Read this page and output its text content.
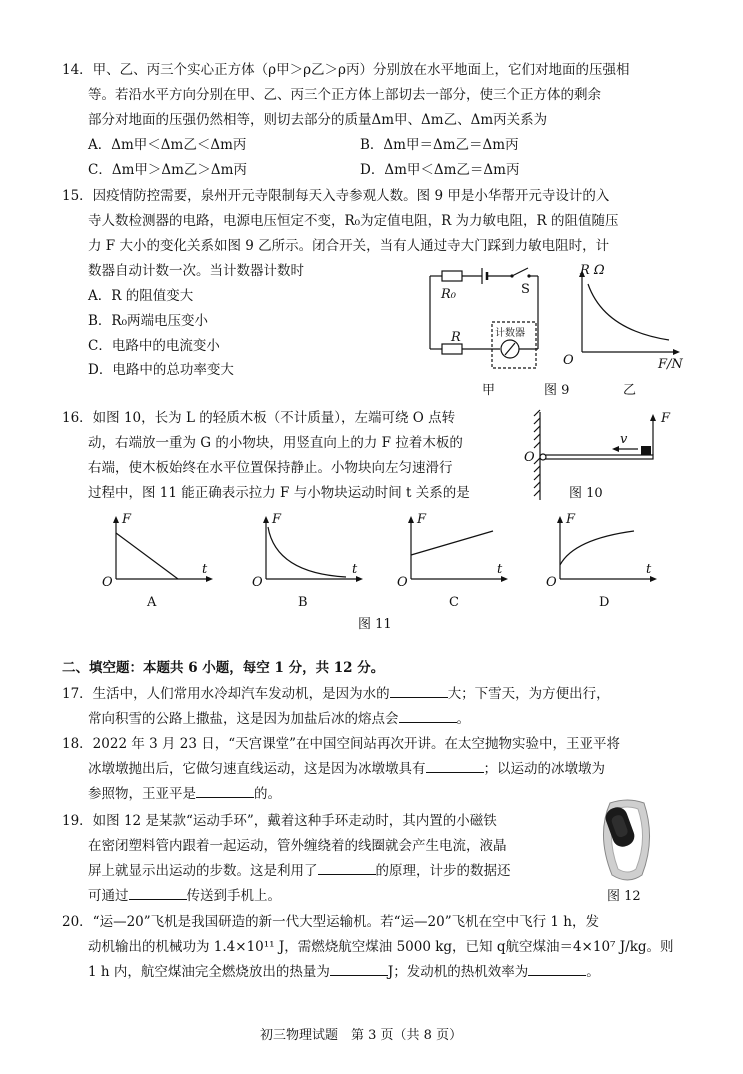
14．甲、乙、丙三个实心正方体（ρ甲＞ρ乙＞ρ丙）分别放在水平地面上，它们对地面的压强相
等。若沿水平方向分别在甲、乙、丙三个正方体上部切去一部分，使三个正方体的剩余
部分对地面的压强仍然相等，则切去部分的质量Δm甲、Δm乙、Δm丙关系为
A．Δm甲＜Δm乙＜Δm丙	B．Δm甲＝Δm乙＝Δm丙
C．Δm甲＞Δm乙＞Δm丙	D．Δm甲＜Δm乙＝Δm丙
15．因疫情防控需要，泉州开元寺限制每天入寺参观人数。图 9 甲是小华帮开元寺设计的入
寺人数检测器的电路，电源电压恒定不变，R₀为定值电阻，R 为力敏电阻，R 的阻值随压
力 F 大小的变化关系如图 9 乙所示。闭合开关，当有人通过寺大门踩到力敏电阻时，计
数器自动计数一次。当计数器计数时
A．R 的阻值变大
B．R₀两端电压变小
C．电路中的电流变小
D．电路中的总功率变大
R₀	S
R	计数器
甲	图 9	乙
R Ω
O	F/N
16．如图 10，长为 L 的轻质木板（不计质量），左端可绕 O 点转
动，右端放一重为 G 的小物块，用竖直向上的力 F 拉着木板的
右端，使木板始终在水平位置保持静止。小物块向左匀速滑行
过程中，图 11 能正确表示拉力 F 与小物块运动时间 t 关系的是
O
F
v
图 10
F
t
O
A
F
t
O
B
F
t
O
C
F
t
O
D
图 11
二、填空题：本题共 6 小题，每空 1 分，共 12 分。
17．生活中，人们常用水冷却汽车发动机，是因为水的	大；下雪天，为方便出行，
常向积雪的公路上撒盐，这是因为加盐后冰的熔点会	。
18．2022 年 3 月 23 日，“天宫课堂”在中国空间站再次开讲。在太空抛物实验中，王亚平将
冰墩墩抛出后，它做匀速直线运动，这是因为冰墩墩具有	；以运动的冰墩墩为
参照物，王亚平是	的。
19．如图 12 是某款“运动手环”，戴着这种手环走动时，其内置的小磁铁
在密闭塑料管内跟着一起运动，管外缠绕着的线圈就会产生电流，液晶
屏上就显示出运动的步数。这是利用了	的原理，计步的数据还
可通过	传送到手机上。	图 12
20．“运—20”飞机是我国研造的新一代大型运输机。若“运—20”飞机在空中飞行 1 h，发
动机输出的机械功为 1.4×10¹¹ J，需燃烧航空煤油 5000 kg，已知 q航空煤油＝4×10⁷ J/kg。则
1 h 内，航空煤油完全燃烧放出的热量为	J；发动机的热机效率为	。
初三物理试题　第 3 页（共 8 页）
